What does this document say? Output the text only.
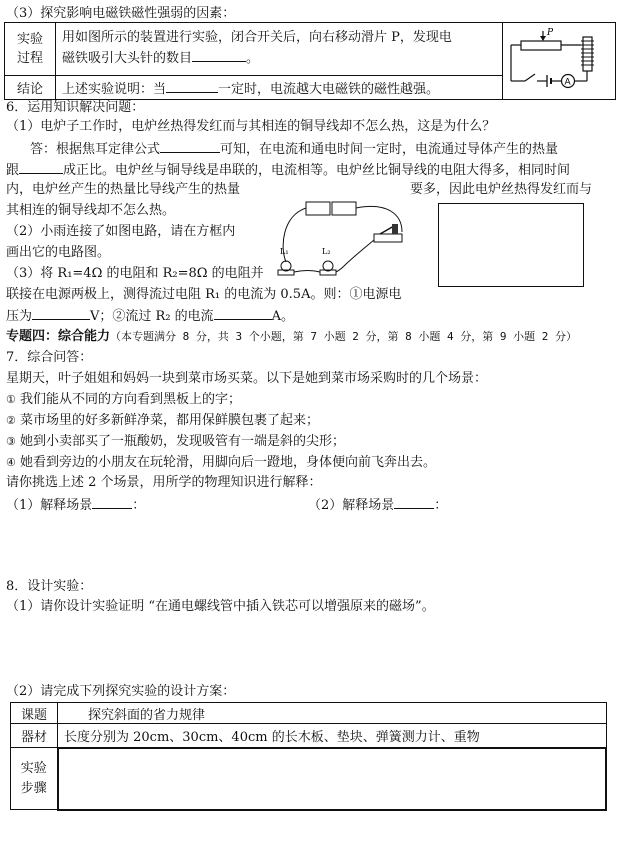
（3）探究影响电磁铁磁性强弱的因素：
实验
过程	用如图所示的装置进行实验，闭合开关后，向右移动滑片 P，发现电
磁铁吸引大头针的数目 。	P
A

结论	上述实验说明：当 一定时，电流越大电磁铁的磁性越强。	
6．运用知识解决问题：
（1）电炉子工作时，电炉丝热得发红而与其相连的铜导线却不怎么热，这是为什么？
答：根据焦耳定律公式	可知，在电流和通电时间一定时，电流通过导体产生的热量
跟	成正比。电炉丝与铜导线是串联的，电流相等。电炉丝比铜导线的电阻大得多，相同时间
内，电炉丝产生的热量比导线产生的热量	要多，因此电炉丝热得发红而与
其相连的铜导线却不怎么热。
（2）小雨连接了如图电路，请在方框内
画出它的电路图。	L₁	L₂
（3）将 R₁=4Ω 的电阻和 R₂=8Ω 的电阻并
联接在电源两极上，测得流过电阻 R₁ 的电流为 0.5A。则：①电源电
压为	V；②流过 R₂ 的电流	A。
专题四：综合能力（本专题满分 8 分，共 3 个小题，第 7 小题 2 分，第 8 小题 4 分，第 9 小题 2 分）
7．综合问答：
星期天，叶子姐姐和妈妈一块到菜市场买菜。以下是她到菜市场采购时的几个场景：
① 我们能从不同的方向看到黑板上的字；
② 菜市场里的好多新鲜净菜，都用保鲜膜包裹了起来；
③ 她到小卖部买了一瓶酸奶，发现吸管有一端是斜的尖形；
④ 她看到旁边的小朋友在玩轮滑，用脚向后一蹬地，身体便向前飞奔出去。
请你挑选上述 2 个场景，用所学的物理知识进行解释：
（1）解释场景	：	（2）解释场景	：
8．设计实验：
（1）请你设计实验证明 “在通电螺线管中插入铁芯可以增强原来的磁场”。
（2）请完成下列探究实验的设计方案：
课题	探究斜面的省力规律
器材	长度分别为 20cm、30cm、40cm 的长木板、垫块、弹簧测力计、重物
实验
步骤	
